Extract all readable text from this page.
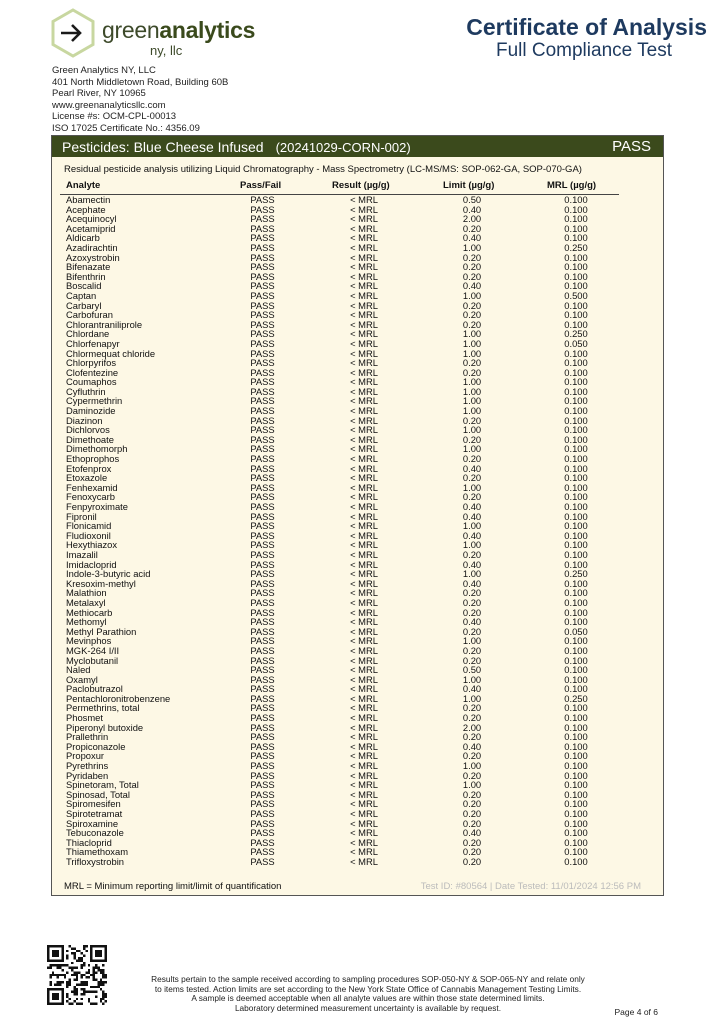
greenanalytics
ny, llc
Certificate of Analysis
Full Compliance Test
Green Analytics NY, LLC
401 North Middletown Road, Building 60B
Pearl River, NY 10965
www.greenanalyticsllc.com
License #s: OCM-CPL-00013
ISO 17025 Certificate No.: 4356.09
Pesticides: Blue Cheese Infused (20241029-CORN-002)	PASS
Residual pesticide analysis utilizing Liquid Chromatography - Mass Spectrometry (LC-MS/MS: SOP-062-GA, SOP-070-GA)
Analyte	Pass/Fail	Result (µg/g)	Limit (µg/g)	MRL (µg/g)
Abamectin	PASS	< MRL	0.50	0.100
Acephate	PASS	< MRL	0.40	0.100
Acequinocyl	PASS	< MRL	2.00	0.100
Acetamiprid	PASS	< MRL	0.20	0.100
Aldicarb	PASS	< MRL	0.40	0.100
Azadirachtin	PASS	< MRL	1.00	0.250
Azoxystrobin	PASS	< MRL	0.20	0.100
Bifenazate	PASS	< MRL	0.20	0.100
Bifenthrin	PASS	< MRL	0.20	0.100
Boscalid	PASS	< MRL	0.40	0.100
Captan	PASS	< MRL	1.00	0.500
Carbaryl	PASS	< MRL	0.20	0.100
Carbofuran	PASS	< MRL	0.20	0.100
Chlorantraniliprole	PASS	< MRL	0.20	0.100
Chlordane	PASS	< MRL	1.00	0.250
Chlorfenapyr	PASS	< MRL	1.00	0.050
Chlormequat chloride	PASS	< MRL	1.00	0.100
Chlorpyrifos	PASS	< MRL	0.20	0.100
Clofentezine	PASS	< MRL	0.20	0.100
Coumaphos	PASS	< MRL	1.00	0.100
Cyfluthrin	PASS	< MRL	1.00	0.100
Cypermethrin	PASS	< MRL	1.00	0.100
Daminozide	PASS	< MRL	1.00	0.100
Diazinon	PASS	< MRL	0.20	0.100
Dichlorvos	PASS	< MRL	1.00	0.100
Dimethoate	PASS	< MRL	0.20	0.100
Dimethomorph	PASS	< MRL	1.00	0.100
Ethoprophos	PASS	< MRL	0.20	0.100
Etofenprox	PASS	< MRL	0.40	0.100
Etoxazole	PASS	< MRL	0.20	0.100
Fenhexamid	PASS	< MRL	1.00	0.100
Fenoxycarb	PASS	< MRL	0.20	0.100
Fenpyroximate	PASS	< MRL	0.40	0.100
Fipronil	PASS	< MRL	0.40	0.100
Flonicamid	PASS	< MRL	1.00	0.100
Fludioxonil	PASS	< MRL	0.40	0.100
Hexythiazox	PASS	< MRL	1.00	0.100
Imazalil	PASS	< MRL	0.20	0.100
Imidacloprid	PASS	< MRL	0.40	0.100
Indole-3-butyric acid	PASS	< MRL	1.00	0.250
Kresoxim-methyl	PASS	< MRL	0.40	0.100
Malathion	PASS	< MRL	0.20	0.100
Metalaxyl	PASS	< MRL	0.20	0.100
Methiocarb	PASS	< MRL	0.20	0.100
Methomyl	PASS	< MRL	0.40	0.100
Methyl Parathion	PASS	< MRL	0.20	0.050
Mevinphos	PASS	< MRL	1.00	0.100
MGK-264 I/II	PASS	< MRL	0.20	0.100
Myclobutanil	PASS	< MRL	0.20	0.100
Naled	PASS	< MRL	0.50	0.100
Oxamyl	PASS	< MRL	1.00	0.100
Paclobutrazol	PASS	< MRL	0.40	0.100
Pentachloronitrobenzene	PASS	< MRL	1.00	0.250
Permethrins, total	PASS	< MRL	0.20	0.100
Phosmet	PASS	< MRL	0.20	0.100
Piperonyl butoxide	PASS	< MRL	2.00	0.100
Prallethrin	PASS	< MRL	0.20	0.100
Propiconazole	PASS	< MRL	0.40	0.100
Propoxur	PASS	< MRL	0.20	0.100
Pyrethrins	PASS	< MRL	1.00	0.100
Pyridaben	PASS	< MRL	0.20	0.100
Spinetoram, Total	PASS	< MRL	1.00	0.100
Spinosad, Total	PASS	< MRL	0.20	0.100
Spiromesifen	PASS	< MRL	0.20	0.100
Spirotetramat	PASS	< MRL	0.20	0.100
Spiroxamine	PASS	< MRL	0.20	0.100
Tebuconazole	PASS	< MRL	0.40	0.100
Thiacloprid	PASS	< MRL	0.20	0.100
Thiamethoxam	PASS	< MRL	0.20	0.100
Trifloxystrobin	PASS	< MRL	0.20	0.100
MRL = Minimum reporting limit/limit of quantification	Test ID: #80564 | Date Tested: 11/01/2024 12:56 PM
Results pertain to the sample received according to sampling procedures SOP-050-NY & SOP-065-NY and relate only
to items tested. Action limits are set according to the New York State Office of Cannabis Management Testing Limits.
A sample is deemed acceptable when all analyte values are within those state determined limits.
Laboratory determined measurement uncertainty is available by request.	Page 4 of 6
